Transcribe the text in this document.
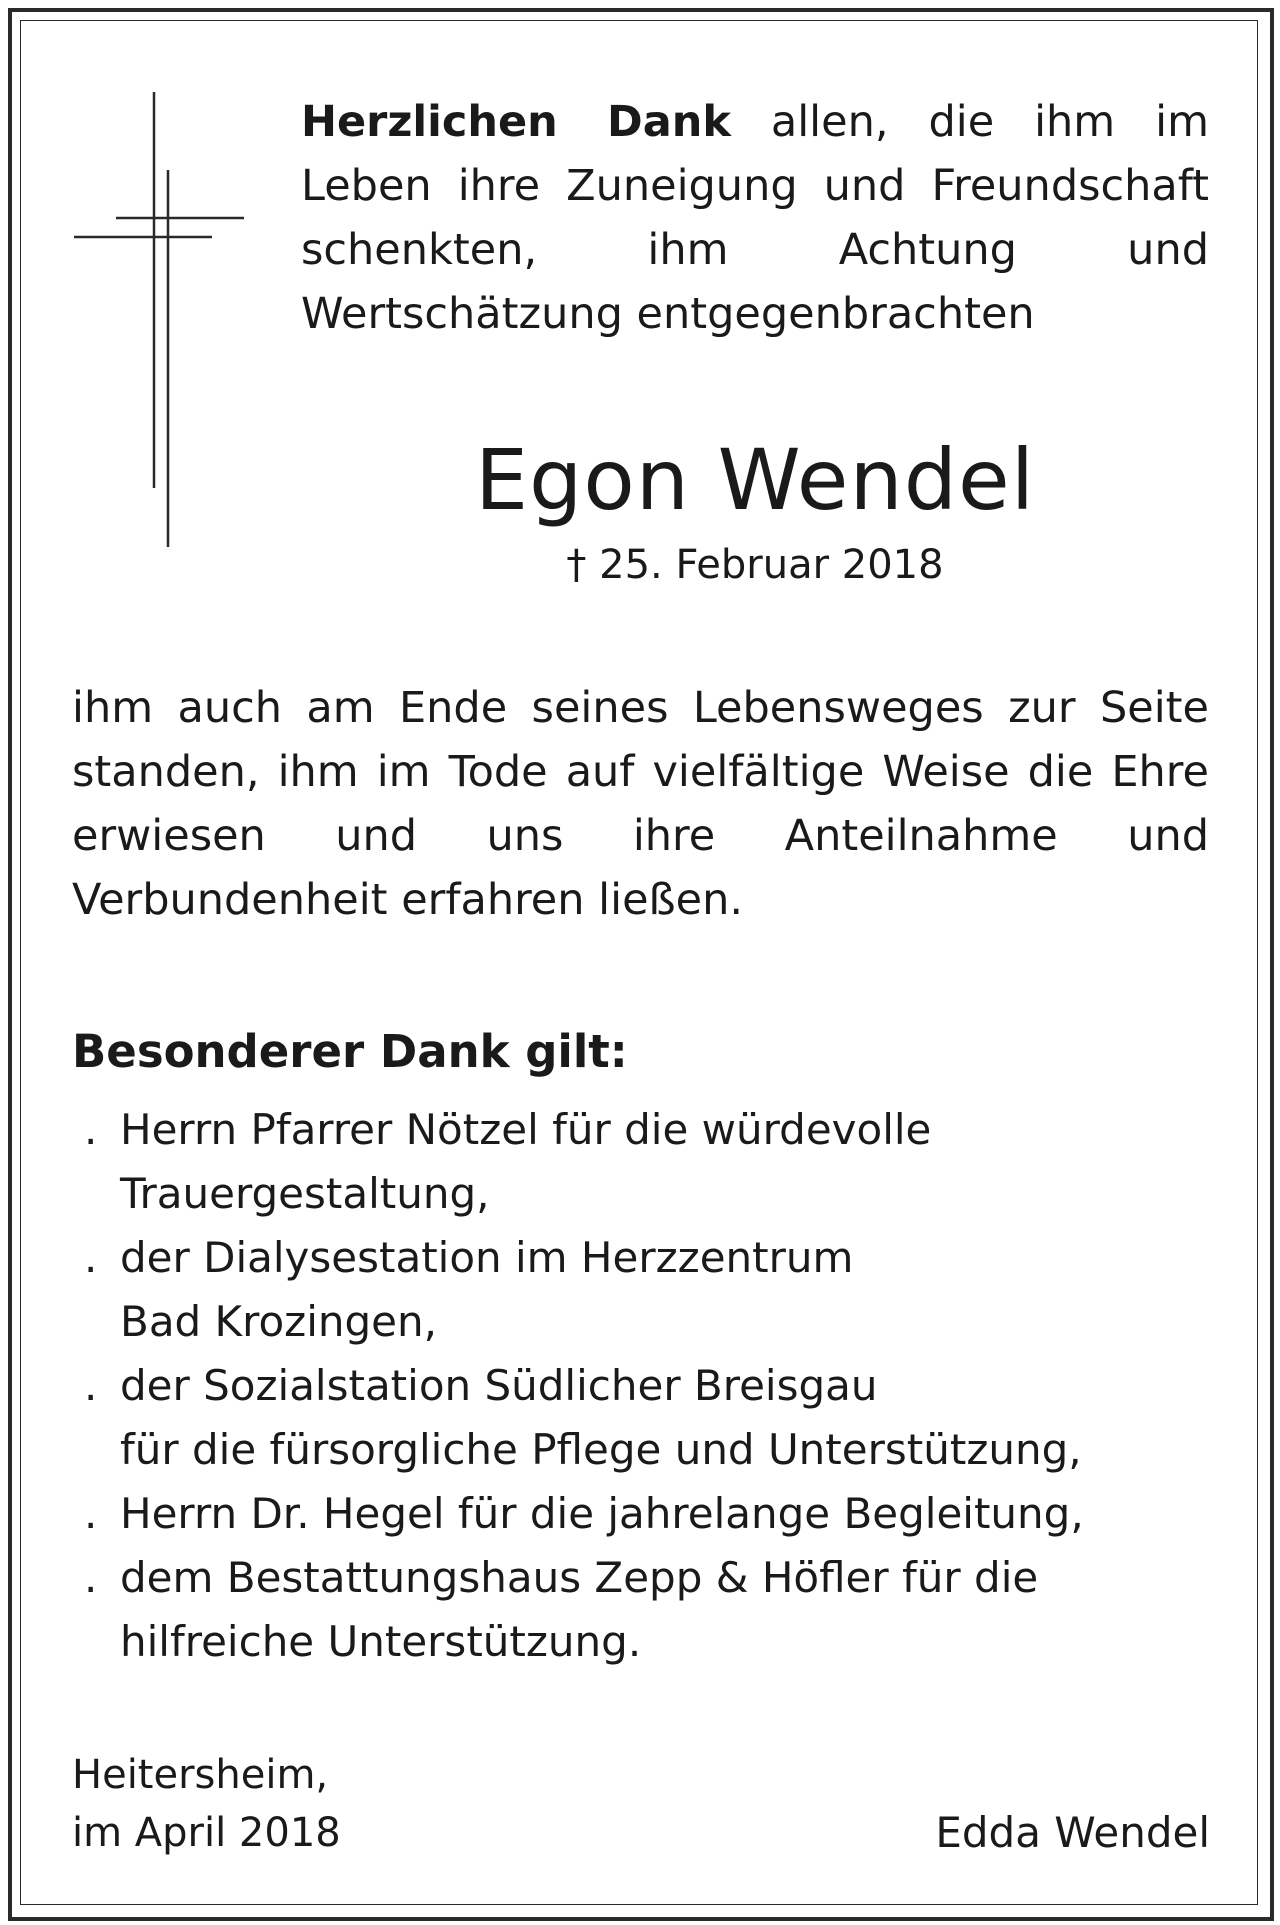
Herzlichen Dank allen, die ihm im Leben ihre Zuneigung und Freundschaft schenkten, ihm Achtung und Wertschätzung entgegenbrachten

Egon Wendel

† 25. Februar 2018

ihm auch am Ende seines Lebensweges zur Seite standen, ihm im Tode auf vielfältige Weise die Ehre erwiesen und uns ihre Anteilnahme und Verbundenheit erfahren ließen.

Besonderer Dank gilt:

. Herrn Pfarrer Nötzel für die würdevolle
Trauergestaltung,
. der Dialysestation im Herzzentrum
Bad Krozingen,
. der Sozialstation Südlicher Breisgau
für die fürsorgliche Pflege und Unterstützung,
. Herrn Dr. Hegel für die jahrelange Begleitung,
. dem Bestattungshaus Zepp & Höfler für die
hilfreiche Unterstützung.
Heitersheim,
im April 2018	Edda Wendel
